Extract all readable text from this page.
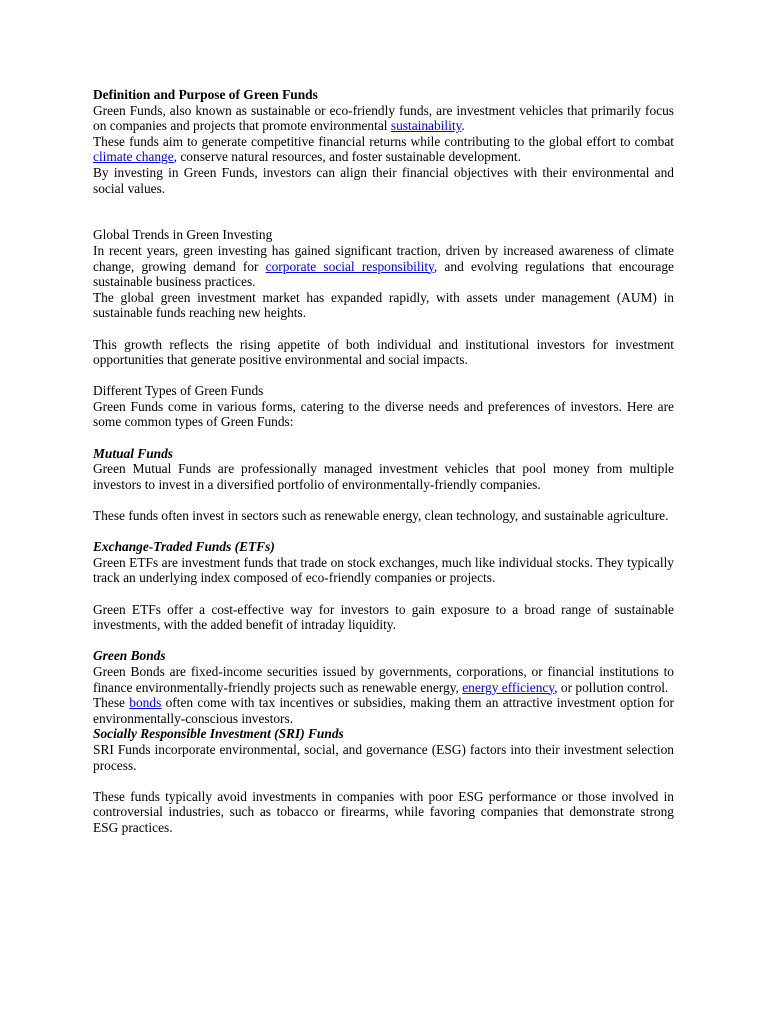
Definition and Purpose of Green Funds

Green Funds, also known as sustainable or eco-friendly funds, are investment vehicles that primarily focus on companies and projects that promote environmental sustainability.

These funds aim to generate competitive financial returns while contributing to the global effort to combat climate change, conserve natural resources, and foster sustainable development.

By investing in Green Funds, investors can align their financial objectives with their environmental and social values.

Global Trends in Green Investing

In recent years, green investing has gained significant traction, driven by increased awareness of climate change, growing demand for corporate social responsibility, and evolving regulations that encourage sustainable business practices.

The global green investment market has expanded rapidly, with assets under management (AUM) in sustainable funds reaching new heights.

This growth reflects the rising appetite of both individual and institutional investors for investment opportunities that generate positive environmental and social impacts.

Different Types of Green Funds

Green Funds come in various forms, catering to the diverse needs and preferences of investors. Here are some common types of Green Funds:

Mutual Funds

Green Mutual Funds are professionally managed investment vehicles that pool money from multiple investors to invest in a diversified portfolio of environmentally-friendly companies.

These funds often invest in sectors such as renewable energy, clean technology, and sustainable agriculture.

Exchange-Traded Funds (ETFs)

Green ETFs are investment funds that trade on stock exchanges, much like individual stocks. They typically track an underlying index composed of eco-friendly companies or projects.

Green ETFs offer a cost-effective way for investors to gain exposure to a broad range of sustainable investments, with the added benefit of intraday liquidity.

Green Bonds

Green Bonds are fixed-income securities issued by governments, corporations, or financial institutions to finance environmentally-friendly projects such as renewable energy, energy efficiency, or pollution control.

These bonds often come with tax incentives or subsidies, making them an attractive investment option for environmentally-conscious investors.

Socially Responsible Investment (SRI) Funds

SRI Funds incorporate environmental, social, and governance (ESG) factors into their investment selection process.

These funds typically avoid investments in companies with poor ESG performance or those involved in controversial industries, such as tobacco or firearms, while favoring companies that demonstrate strong ESG practices.
